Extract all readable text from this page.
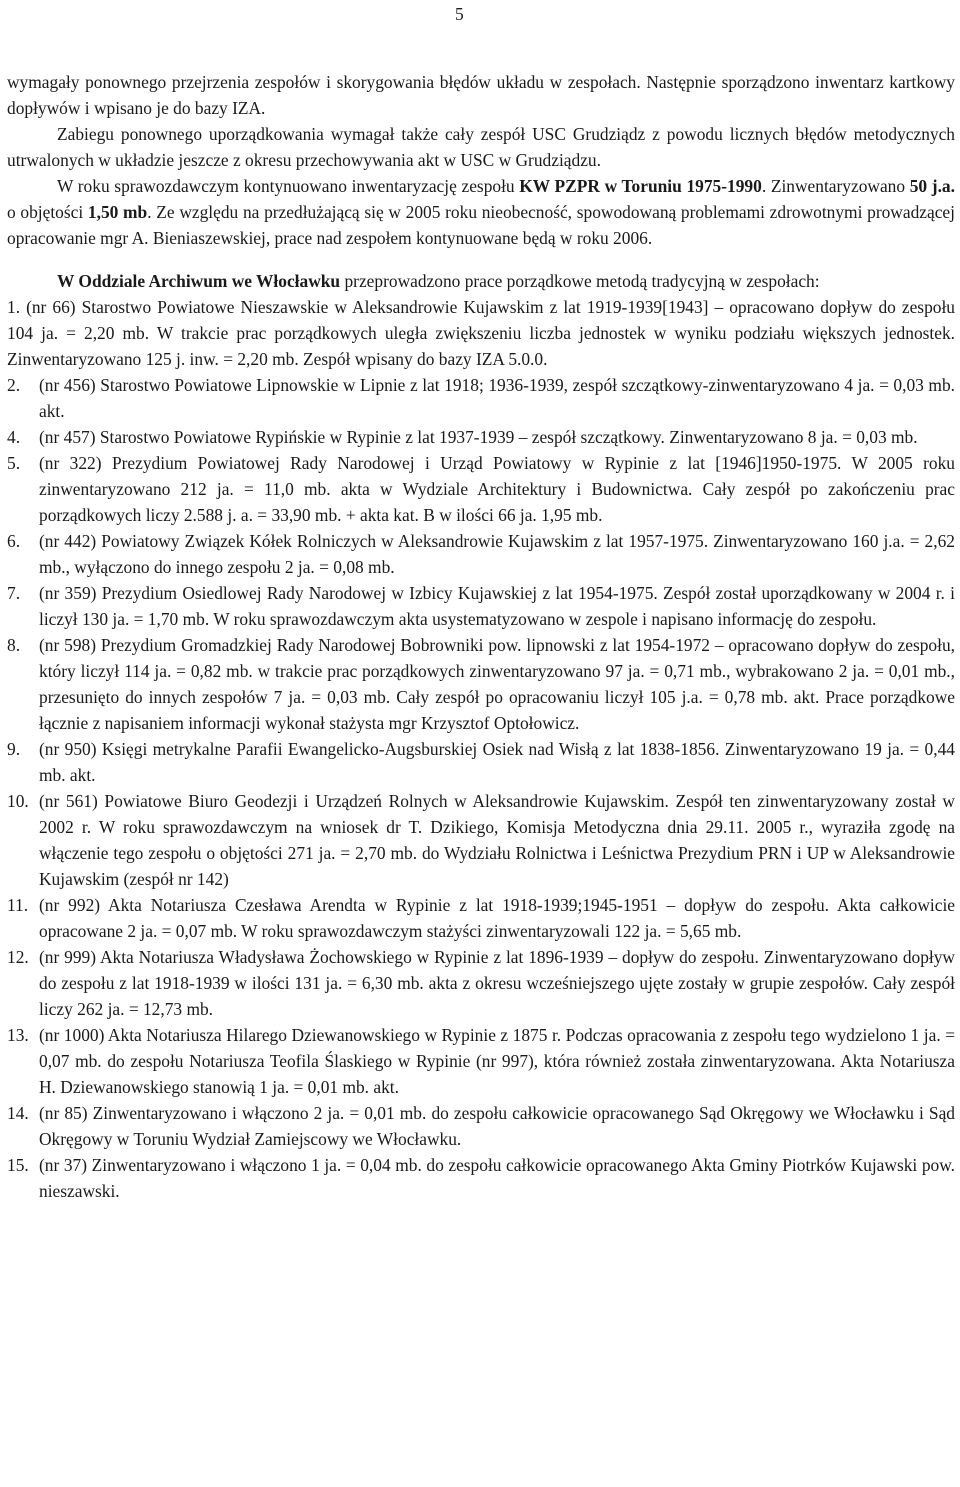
5

wymagały ponownego przejrzenia zespołów i skorygowania błędów układu w zespołach. Następnie sporządzono inwentarz kartkowy dopływów i wpisano je do bazy IZA.

Zabiegu ponownego uporządkowania wymagał także cały zespół USC Grudziądz z powodu licznych błędów metodycznych utrwalonych w układzie jeszcze z okresu przechowywania akt w USC w Grudziądzu.

W roku sprawozdawczym kontynuowano inwentaryzację zespołu KW PZPR w Toruniu 1975-1990. Zinwentaryzowano 50 j.a. o objętości 1,50 mb. Ze względu na przedłużającą się w 2005 roku nieobecność, spowodowaną problemami zdrowotnymi prowadzącej opracowanie mgr A. Bieniaszewskiej, prace nad zespołem kontynuowane będą w roku 2006.

W Oddziale Archiwum we Włocławku przeprowadzono prace porządkowe metodą tradycyjną w zespołach:

1. (nr 66) Starostwo Powiatowe Nieszawskie w Aleksandrowie Kujawskim z lat 1919-1939[1943] – opracowano dopływ do zespołu 104 ja. = 2,20 mb. W trakcie prac porządkowych uległa zwiększeniu liczba jednostek w wyniku podziału większych jednostek. Zinwentaryzowano 125 j. inw. = 2,20 mb. Zespół wpisany do bazy IZA 5.0.0.

2. (nr 456) Starostwo Powiatowe Lipnowskie w Lipnie z lat 1918; 1936-1939, zespół szczątkowy-zinwentaryzowano 4 ja. = 0,03 mb. akt.
4. (nr 457) Starostwo Powiatowe Rypińskie w Rypinie z lat 1937-1939 – zespół szczątkowy. Zinwentaryzowano 8 ja. = 0,03 mb.
5. (nr 322) Prezydium Powiatowej Rady Narodowej i Urząd Powiatowy w Rypinie z lat [1946]1950-1975. W 2005 roku zinwentaryzowano 212 ja. = 11,0 mb. akta w Wydziale Architektury i Budownictwa. Cały zespół po zakończeniu prac porządkowych liczy 2.588 j. a. = 33,90 mb. + akta kat. B w ilości 66 ja. 1,95 mb.
6. (nr 442) Powiatowy Związek Kółek Rolniczych w Aleksandrowie Kujawskim z lat 1957-1975. Zinwentaryzowano 160 j.a. = 2,62 mb., wyłączono do innego zespołu 2 ja. = 0,08 mb.
7. (nr 359) Prezydium Osiedlowej Rady Narodowej w Izbicy Kujawskiej z lat 1954-1975. Zespół został uporządkowany w 2004 r. i liczył 130 ja. = 1,70 mb. W roku sprawozdawczym akta usystematyzowano w zespole i napisano informację do zespołu.
8. (nr 598) Prezydium Gromadzkiej Rady Narodowej Bobrowniki pow. lipnowski z lat 1954-1972 – opracowano dopływ do zespołu, który liczył 114 ja. = 0,82 mb. w trakcie prac porządkowych zinwentaryzowano 97 ja. = 0,71 mb., wybrakowano 2 ja. = 0,01 mb., przesunięto do innych zespołów 7 ja. = 0,03 mb. Cały zespół po opracowaniu liczył 105 j.a. = 0,78 mb. akt. Prace porządkowe łącznie z napisaniem informacji wykonał stażysta mgr Krzysztof Optołowicz.
9. (nr 950) Księgi metrykalne Parafii Ewangelicko-Augsburskiej Osiek nad Wisłą z lat 1838-1856. Zinwentaryzowano 19 ja. = 0,44 mb. akt.
10. (nr 561) Powiatowe Biuro Geodezji i Urządzeń Rolnych w Aleksandrowie Kujawskim. Zespół ten zinwentaryzowany został w 2002 r. W roku sprawozdawczym na wniosek dr T. Dzikiego, Komisja Metodyczna dnia 29.11. 2005 r., wyraziła zgodę na włączenie tego zespołu o objętości 271 ja. = 2,70 mb. do Wydziału Rolnictwa i Leśnictwa Prezydium PRN i UP w Aleksandrowie Kujawskim (zespół nr 142)
11. (nr 992) Akta Notariusza Czesława Arendta w Rypinie z lat 1918-1939;1945-1951 – dopływ do zespołu. Akta całkowicie opracowane 2 ja. = 0,07 mb. W roku sprawozdawczym stażyści zinwentaryzowali 122 ja. = 5,65 mb.
12. (nr 999) Akta Notariusza Władysława Żochowskiego w Rypinie z lat 1896-1939 – dopływ do zespołu. Zinwentaryzowano dopływ do zespołu z lat 1918-1939 w ilości 131 ja. = 6,30 mb. akta z okresu wcześniejszego ujęte zostały w grupie zespołów. Cały zespół liczy 262 ja. = 12,73 mb.
13. (nr 1000) Akta Notariusza Hilarego Dziewanowskiego w Rypinie z 1875 r. Podczas opracowania z zespołu tego wydzielono 1 ja. = 0,07 mb. do zespołu Notariusza Teofila Ślaskiego w Rypinie (nr 997), która również została zinwentaryzowana. Akta Notariusza H. Dziewanowskiego stanowią 1 ja. = 0,01 mb. akt.
14. (nr 85) Zinwentaryzowano i włączono 2 ja. = 0,01 mb. do zespołu całkowicie opracowanego Sąd Okręgowy we Włocławku i Sąd Okręgowy w Toruniu Wydział Zamiejscowy we Włocławku.
15. (nr 37) Zinwentaryzowano i włączono 1 ja. = 0,04 mb. do zespołu całkowicie opracowanego Akta Gminy Piotrków Kujawski pow. nieszawski.
